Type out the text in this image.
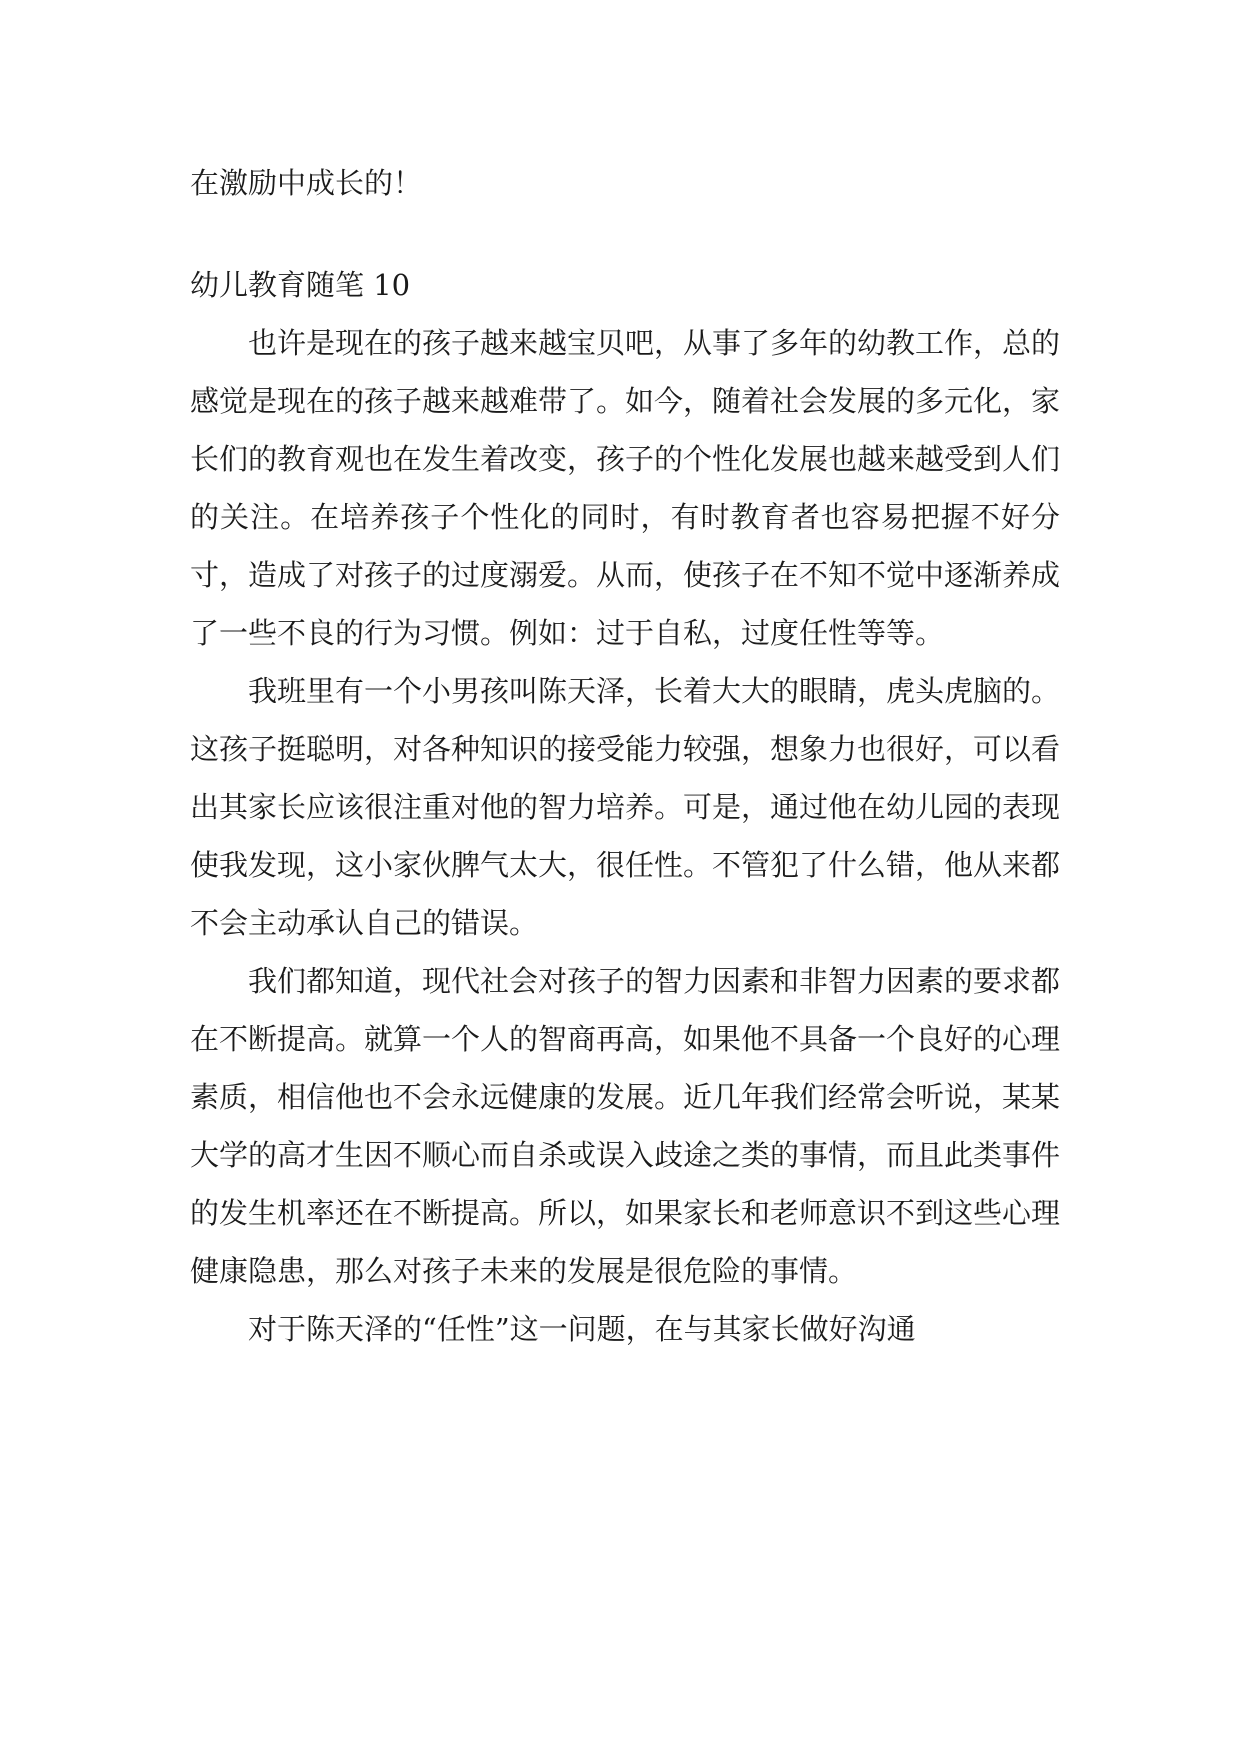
在激励中成长的！

幼儿教育随笔 10

也许是现在的孩子越来越宝贝吧，从事了多年的幼教工作，总的感觉是现在的孩子越来越难带了。如今，随着社会发展的多元化，家长们的教育观也在发生着改变，孩子的个性化发展也越来越受到人们的关注。在培养孩子个性化的同时，有时教育者也容易把握不好分寸，造成了对孩子的过度溺爱。从而，使孩子在不知不觉中逐渐养成了一些不良的行为习惯。例如：过于自私，过度任性等等。

我班里有一个小男孩叫陈天泽，长着大大的眼睛，虎头虎脑的。这孩子挺聪明，对各种知识的接受能力较强，想象力也很好，可以看出其家长应该很注重对他的智力培养。可是，通过他在幼儿园的表现使我发现，这小家伙脾气太大，很任性。不管犯了什么错，他从来都不会主动承认自己的错误。

我们都知道，现代社会对孩子的智力因素和非智力因素的要求都在不断提高。就算一个人的智商再高，如果他不具备一个良好的心理素质，相信他也不会永远健康的发展。近几年我们经常会听说，某某大学的高才生因不顺心而自杀或误入歧途之类的事情，而且此类事件的发生机率还在不断提高。所以，如果家长和老师意识不到这些心理健康隐患，那么对孩子未来的发展是很危险的事情。

对于陈天泽的“任性”这一问题，在与其家长做好沟通
